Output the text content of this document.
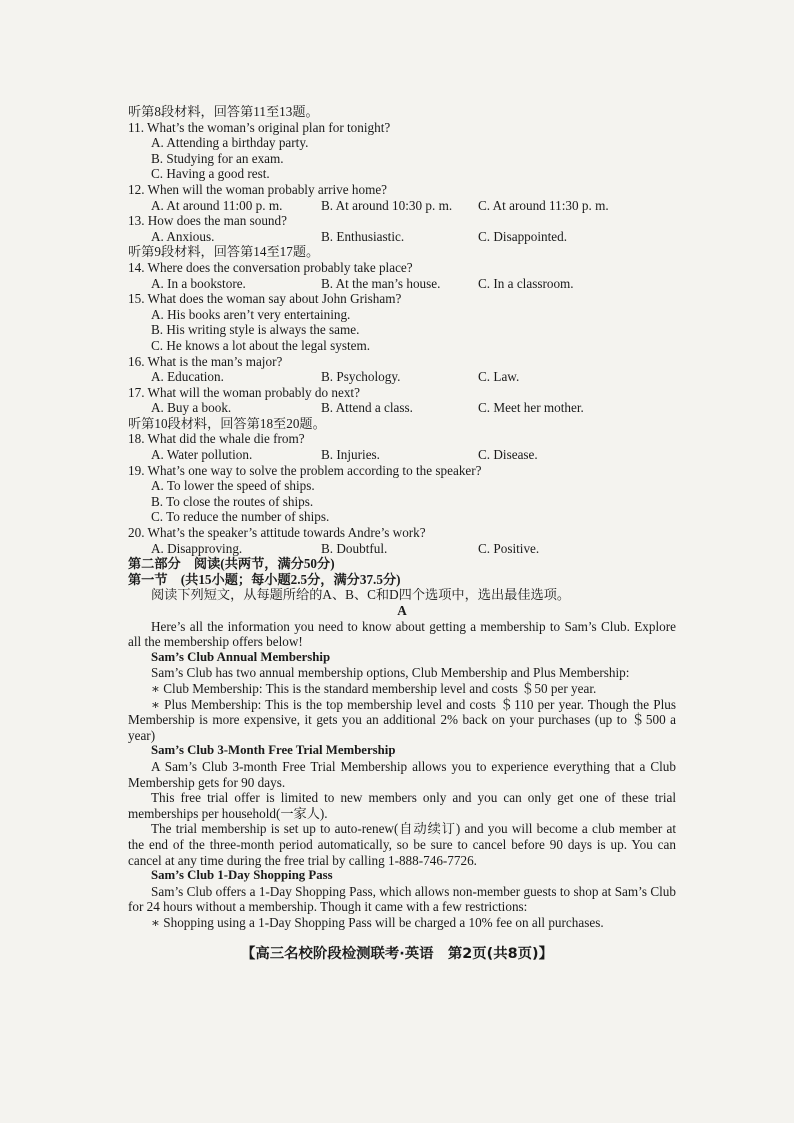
听第8段材料，回答第11至13题。
11. What’s the woman’s original plan for tonight?
A. Attending a birthday party.
B. Studying for an exam.
C. Having a good rest.
12. When will the woman probably arrive home?
A. At around 11:00 p. m.	B. At around 10:30 p. m.	C. At around 11:30 p. m.
13. How does the man sound?
A. Anxious.	B. Enthusiastic.	C. Disappointed.
听第9段材料，回答第14至17题。
14. Where does the conversation probably take place?
A. In a bookstore.	B. At the man’s house.	C. In a classroom.
15. What does the woman say about John Grisham?
A. His books aren’t very entertaining.
B. His writing style is always the same.
C. He knows a lot about the legal system.
16. What is the man’s major?
A. Education.	B. Psychology.	C. Law.
17. What will the woman probably do next?
A. Buy a book.	B. Attend a class.	C. Meet her mother.
听第10段材料，回答第18至20题。
18. What did the whale die from?
A. Water pollution.	B. Injuries.	C. Disease.
19. What’s one way to solve the problem according to the speaker?
A. To lower the speed of ships.
B. To close the routes of ships.
C. To reduce the number of ships.
20. What’s the speaker’s attitude towards Andre’s work?
A. Disapproving.	B. Doubtful.	C. Positive.
第二部分　阅读(共两节，满分50分)
第一节　(共15小题；每小题2.5分，满分37.5分)
阅读下列短文，从每题所给的A、B、C和D四个选项中，选出最佳选项。
A
Here’s all the information you need to know about getting a membership to Sam’s Club. Explore all the membership offers below!
Sam’s Club Annual Membership
Sam’s Club has two annual membership options, Club Membership and Plus Membership:
∗ Club Membership: This is the standard membership level and costs ＄50 per year.
∗ Plus Membership: This is the top membership level and costs ＄110 per year. Though the Plus Membership is more expensive, it gets you an additional 2% back on your purchases (up to ＄500 a year)
Sam’s Club 3-Month Free Trial Membership
A Sam’s Club 3-month Free Trial Membership allows you to experience everything that a Club Membership gets for 90 days.
This free trial offer is limited to new members only and you can only get one of these trial memberships per household(一家人).
The trial membership is set up to auto-renew(自动续订) and you will become a club member at the end of the three-month period automatically, so be sure to cancel before 90 days is up. You can cancel at any time during the free trial by calling 1-888-746-7726.
Sam’s Club 1-Day Shopping Pass
Sam’s Club offers a 1-Day Shopping Pass, which allows non-member guests to shop at Sam’s Club for 24 hours without a membership. Though it came with a few restrictions:
∗ Shopping using a 1-Day Shopping Pass will be charged a 10% fee on all purchases.
【高三名校阶段检测联考·英语　第2页(共8页)】
